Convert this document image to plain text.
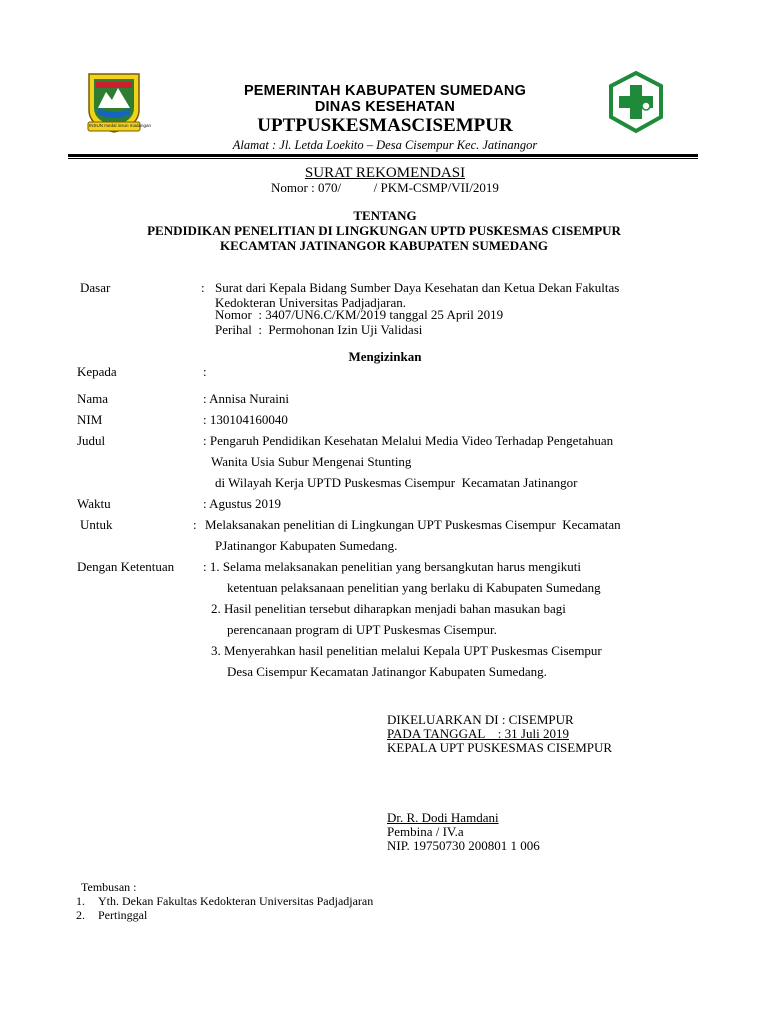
INSUN medal insun madangan
PEMERINTAH KABUPATEN SUMEDANG
DINAS KESEHATAN
UPTPUSKESMASCISEMPUR
Alamat : Jl. Letda Loekito – Desa Cisempur Kec. Jatinangor
SURAT REKOMENDASI
Nomor : 070/          / PKM-CSMP/VII/2019
TENTANG
PENDIDIKAN PENELITIAN DI LINGKUNGAN UPTD PUSKESMAS CISEMPUR
KECAMTAN JATINANGOR KABUPATEN SUMEDANG
Dasar	: Surat dari Kepala Bidang Sumber Daya Kesehatan dan Ketua Dekan Fakultas
Kedokteran Universitas Padjadjaran.
Nomor  : 3407/UN6.C/KM/2019 tanggal 25 April 2019
Perihal  :  Permohonan Izin Uji Validasi
Mengizinkan
Kepada	:
Nama	: Annisa Nuraini
NIM	: 130104160040
Judul	: Pengaruh Pendidikan Kesehatan Melalui Media Video Terhadap Pengetahuan
Wanita Usia Subur Mengenai Stunting
di Wilayah Kerja UPTD Puskesmas Cisempur  Kecamatan Jatinangor
Waktu	: Agustus 2019
Untuk	: Melaksanakan penelitian di Lingkungan UPT Puskesmas Cisempur  Kecamatan
PJatinangor Kabupaten Sumedang.
Dengan Ketentuan : 1. Selama melaksanakan penelitian yang bersangkutan harus mengikuti
ketentuan pelaksanaan penelitian yang berlaku di Kabupaten Sumedang
2. Hasil penelitian tersebut diharapkan menjadi bahan masukan bagi
perencanaan program di UPT Puskesmas Cisempur.
3. Menyerahkan hasil penelitian melalui Kepala UPT Puskesmas Cisempur
Desa Cisempur Kecamatan Jatinangor Kabupaten Sumedang.
DIKELUARKAN DI : CISEMPUR
PADA TANGGAL    : 31 Juli 2019
KEPALA UPT PUSKESMAS CISEMPUR
Dr. R. Dodi Hamdani
Pembina / IV.a
NIP. 19750730 200801 1 006
Tembusan :
1. Yth. Dekan Fakultas Kedokteran Universitas Padjadjaran
2. Pertinggal
